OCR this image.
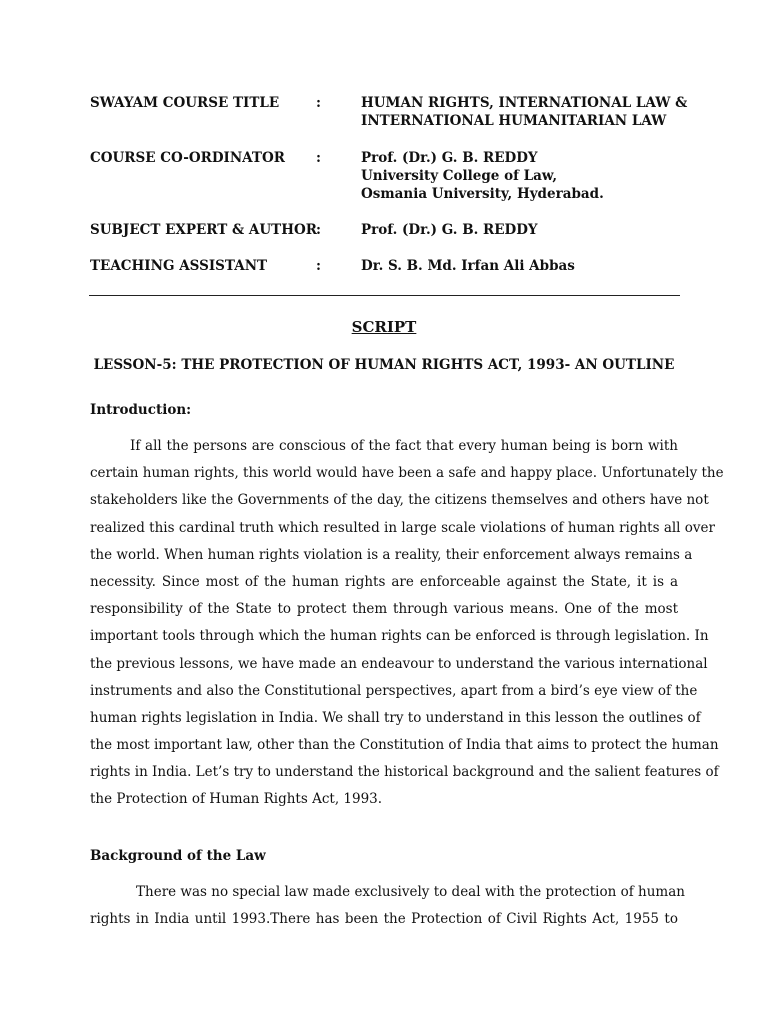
SWAYAM COURSE TITLE	:	HUMAN RIGHTS, INTERNATIONAL LAW &
INTERNATIONAL HUMANITARIAN LAW
COURSE CO-ORDINATOR :	Prof. (Dr.) G. B. REDDY
University College of Law,
Osmania University, Hyderabad.
SUBJECT EXPERT & AUTHOR :	Prof. (Dr.) G. B. REDDY
TEACHING ASSISTANT	:	Dr. S. B. Md. Irfan Ali Abbas
SCRIPT
LESSON-5: THE PROTECTION OF HUMAN RIGHTS ACT, 1993- AN OUTLINE
Introduction:
If all the persons are conscious of the fact that every human being is born with
certain human rights, this world would have been a safe and happy place. Unfortunately the
stakeholders like the Governments of the day, the citizens themselves and others have not
realized this cardinal truth which resulted in large scale violations of human rights all over
the world. When human rights violation is a reality, their enforcement always remains a
necessity. Since most of the human rights are enforceable against the State, it is a
responsibility of the State to protect them through various means. One of the most
important tools through which the human rights can be enforced is through legislation. In
the previous lessons, we have made an endeavour to understand the various international
instruments and also the Constitutional perspectives, apart from a bird’s eye view of the
human rights legislation in India. We shall try to understand in this lesson the outlines of
the most important law, other than the Constitution of India that aims to protect the human
rights in India. Let’s try to understand the historical background and the salient features of
the Protection of Human Rights Act, 1993.
Background of the Law
There was no special law made exclusively to deal with the protection of human
rights in India until 1993.There has been the Protection of Civil Rights Act, 1955 to
